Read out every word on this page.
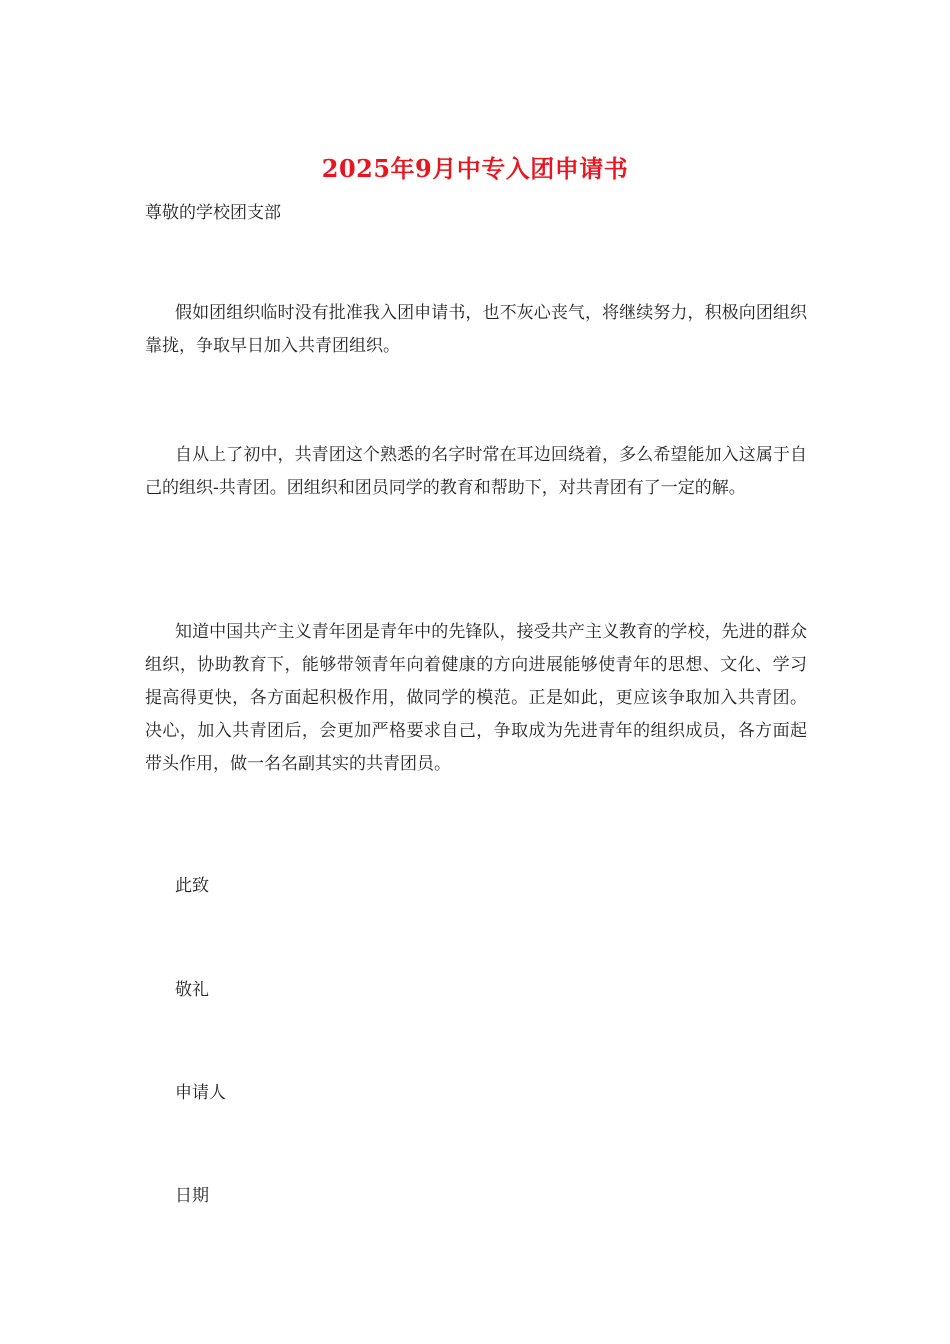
2025年9月中专入团申请书
尊敬的学校团支部

假如团组织临时没有批准我入团申请书，也不灰心丧气，将继续努力，积极向团组织靠拢，争取早日加入共青团组织。

自从上了初中，共青团这个熟悉的名字时常在耳边回绕着，多么希望能加入这属于自己的组织-共青团。团组织和团员同学的教育和帮助下，对共青团有了一定的解。

知道中国共产主义青年团是青年中的先锋队，接受共产主义教育的学校，先进的群众组织，协助教育下，能够带领青年向着健康的方向进展能够使青年的思想、文化、学习提高得更快，各方面起积极作用，做同学的模范。正是如此，更应该争取加入共青团。决心，加入共青团后，会更加严格要求自己，争取成为先进青年的组织成员，各方面起带头作用，做一名名副其实的共青团员。

此致
敬礼
申请人
日期
